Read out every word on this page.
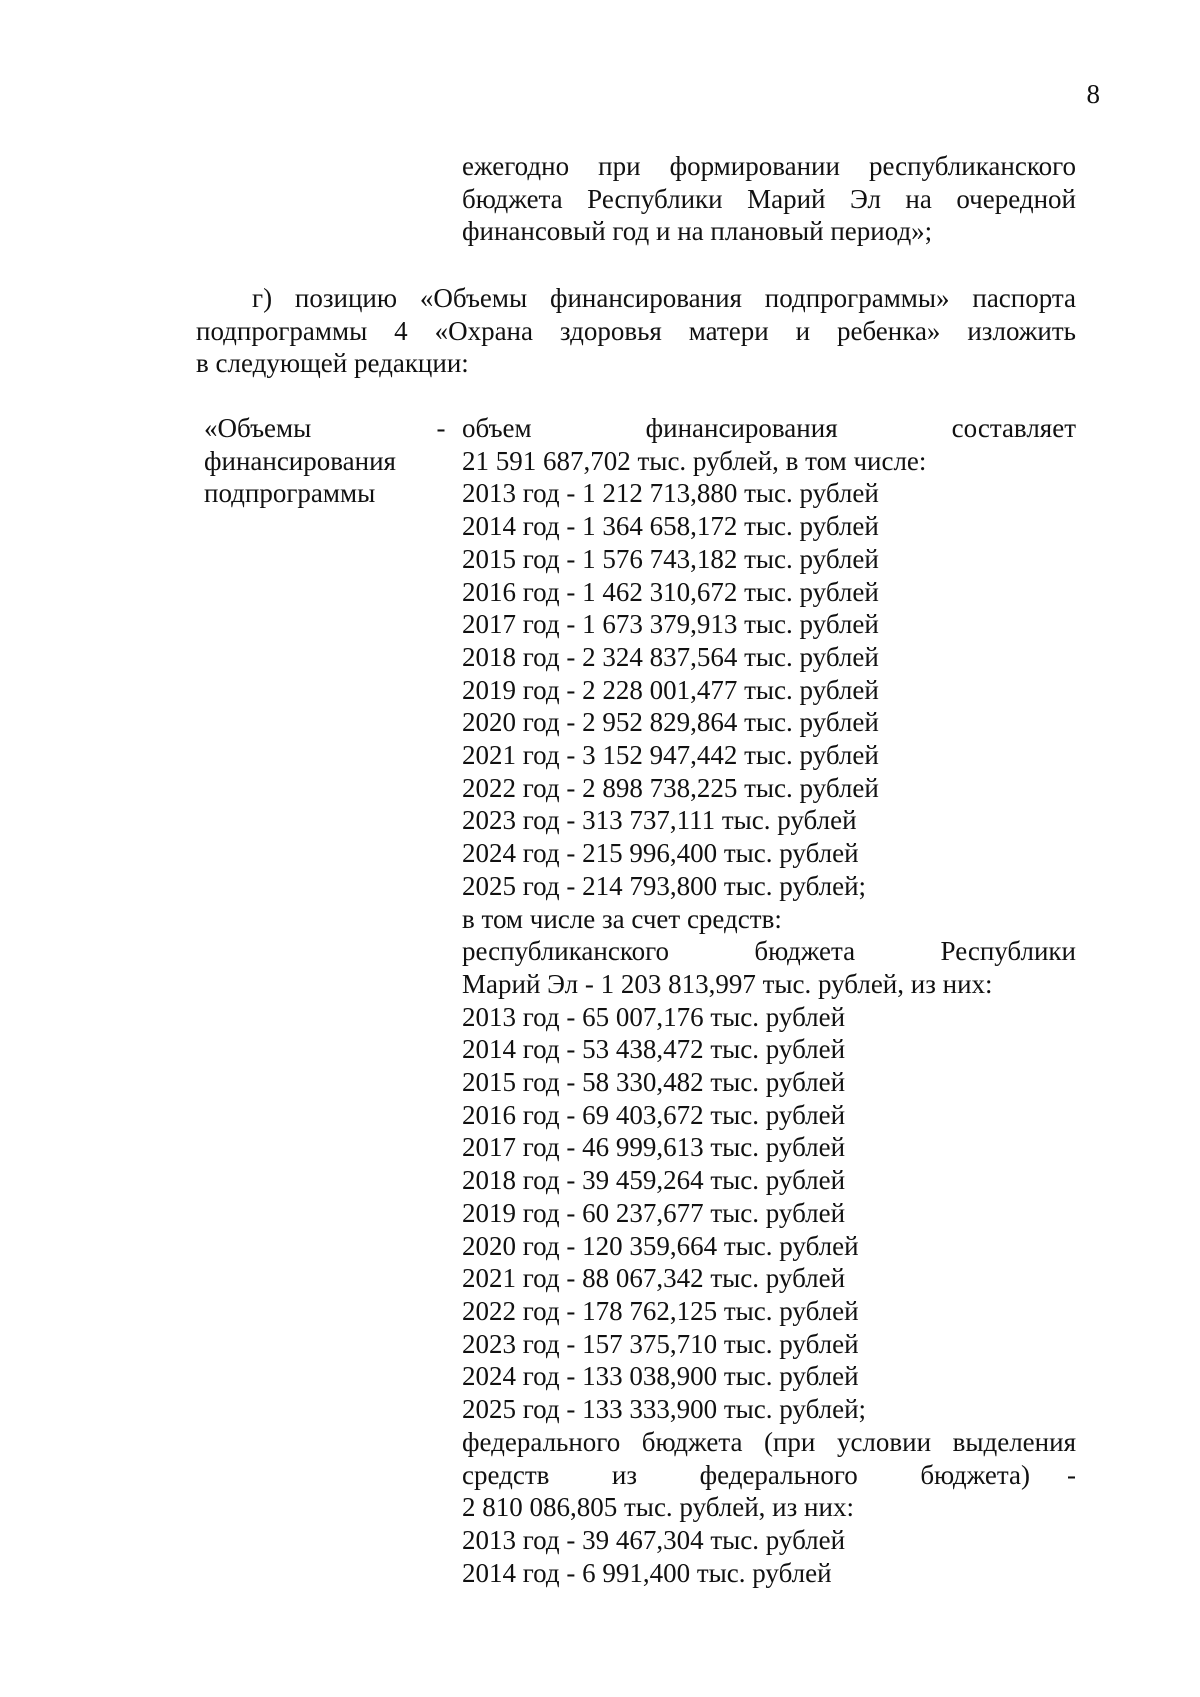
8
ежегодно при формировании республиканского
бюджета Республики Марий Эл на очередной
финансовый год и на плановый период»;
г) позицию «Объемы финансирования подпрограммы» паспорта
подпрограммы 4 «Охрана здоровья матери и ребенка» изложить
в следующей редакции:
«Объемы
финансирования
подпрограммы
- объем финансирования составляет
21 591 687,702 тыс. рублей, в том числе:
2013 год - 1 212 713,880 тыс. рублей
2014 год - 1 364 658,172 тыс. рублей
2015 год - 1 576 743,182 тыс. рублей
2016 год - 1 462 310,672 тыс. рублей
2017 год - 1 673 379,913 тыс. рублей
2018 год - 2 324 837,564 тыс. рублей
2019 год - 2 228 001,477 тыс. рублей
2020 год - 2 952 829,864 тыс. рублей
2021 год - 3 152 947,442 тыс. рублей
2022 год - 2 898 738,225 тыс. рублей
2023 год - 313 737,111 тыс. рублей
2024 год - 215 996,400 тыс. рублей
2025 год - 214 793,800 тыс. рублей;
в том числе за счет средств:
республиканского бюджета Республики
Марий Эл - 1 203 813,997 тыс. рублей, из них:
2013 год - 65 007,176 тыс. рублей
2014 год - 53 438,472 тыс. рублей
2015 год - 58 330,482 тыс. рублей
2016 год - 69 403,672 тыс. рублей
2017 год - 46 999,613 тыс. рублей
2018 год - 39 459,264 тыс. рублей
2019 год - 60 237,677 тыс. рублей
2020 год - 120 359,664 тыс. рублей
2021 год - 88 067,342 тыс. рублей
2022 год - 178 762,125 тыс. рублей
2023 год - 157 375,710 тыс. рублей
2024 год - 133 038,900 тыс. рублей
2025 год - 133 333,900 тыс. рублей;
федерального бюджета (при условии выделения
средств из федерального бюджета) -
2 810 086,805 тыс. рублей, из них:
2013 год - 39 467,304 тыс. рублей
2014 год - 6 991,400 тыс. рублей
